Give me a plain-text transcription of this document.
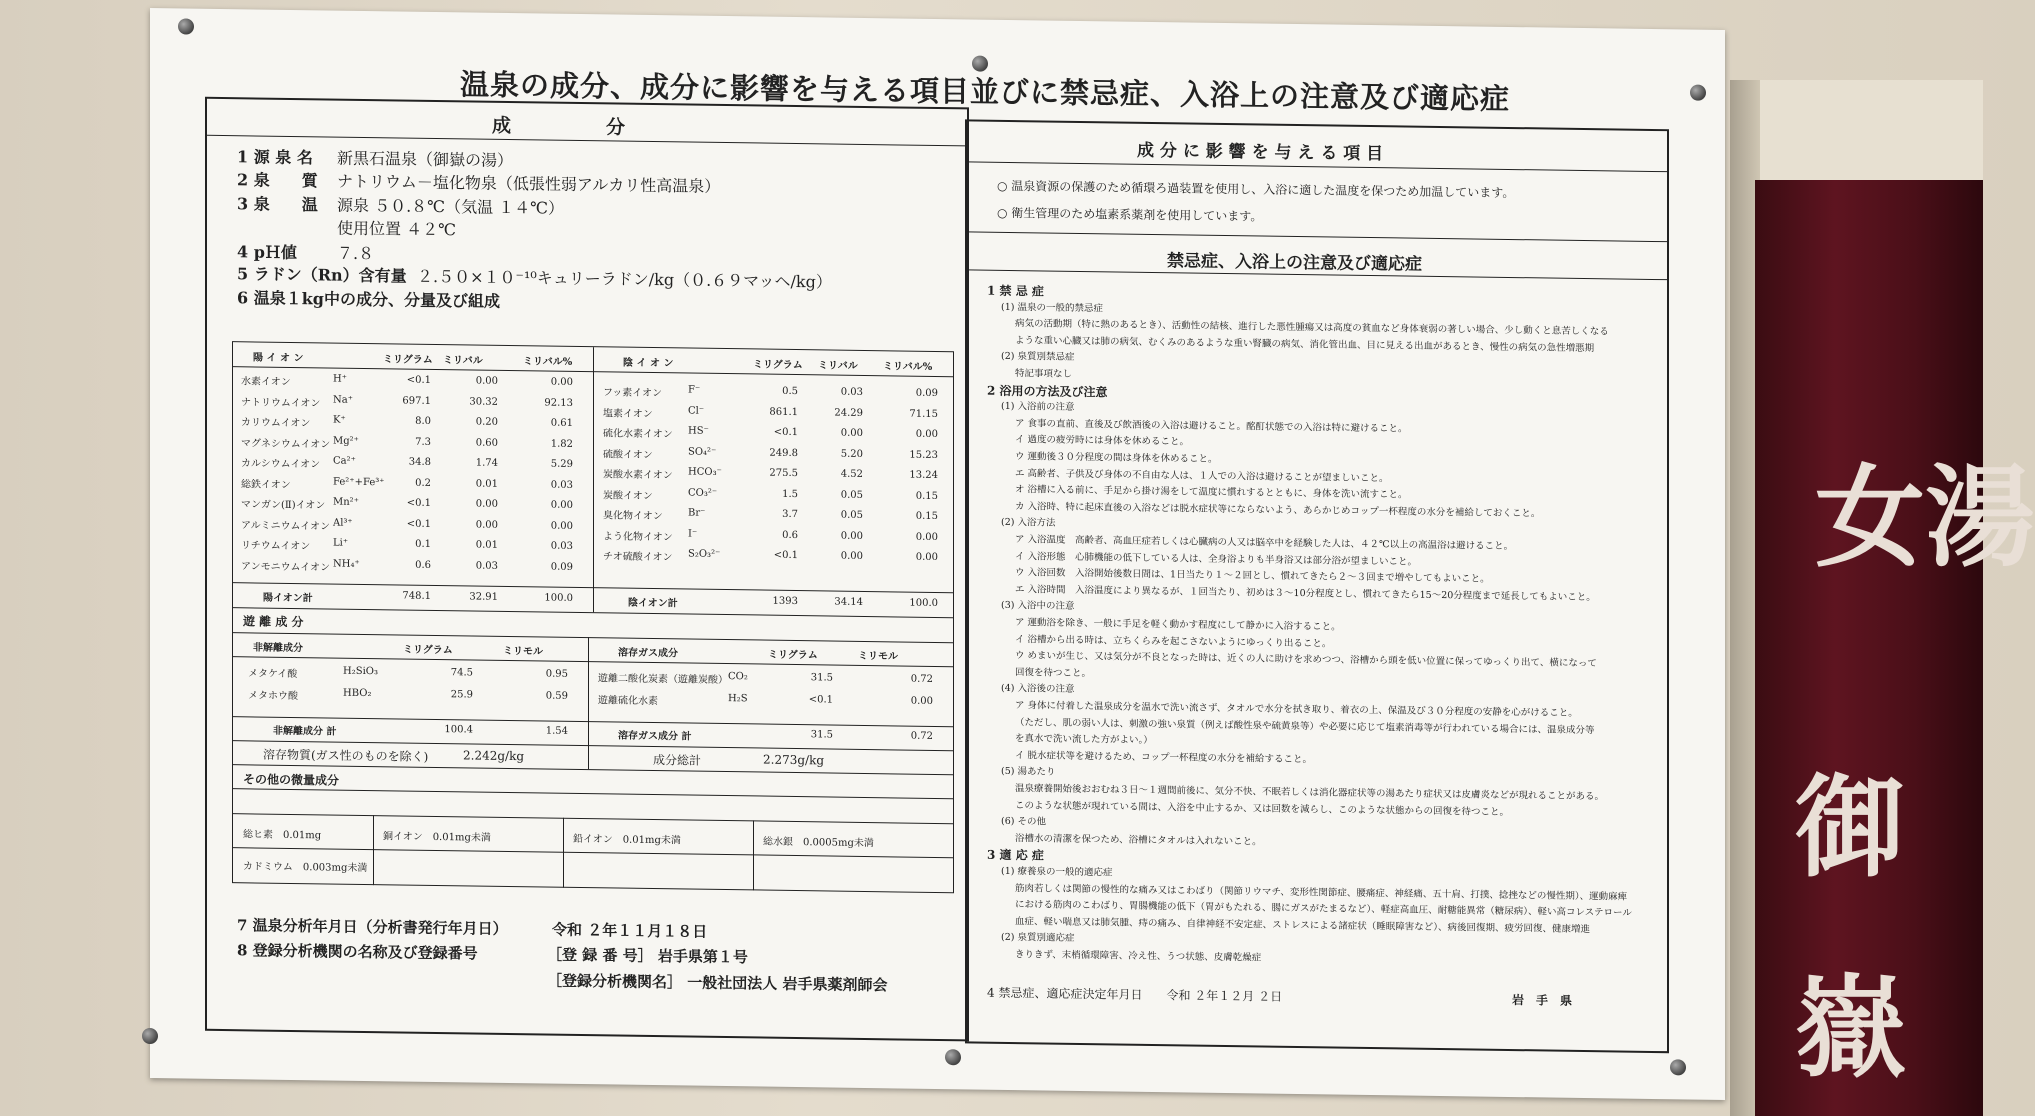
女 湯
御
嶽
温泉の成分、成分に影響を与える項目並びに禁忌症、入浴上の注意及び適応症
成　　　　　分
1 源 泉 名 新黒石温泉（御嶽の湯）
2 泉　　質 ナトリウム－塩化物泉（低張性弱アルカリ性高温泉）
3 泉　　温 源泉 ５０.８℃（気温 １４℃）
使用位置 ４２℃
4 pＨ値	７.８
5 ラドン（Rn）含有量 ２.５０×１０⁻¹⁰キュリーラドン/kg（０.６９マッヘ/kg）
6 温泉１kg中の成分、分量及び組成
陽 イ オ ン	ミリグラム ミリバル	ミリバル%
水素イオン	H⁺	<0.1	0.00	0.00
ナトリウムイオン Na⁺	697.1	30.32	92.13
カリウムイオン K⁺	8.0	0.20	0.61
マグネシウムイオン Mg²⁺	7.3	0.60	1.82
カルシウムイオン Ca²⁺	34.8	1.74	5.29
総鉄イオン	Fe²⁺+Fe³⁺	0.2	0.01	0.03
マンガン(Ⅱ)イオン Mn²⁺	<0.1	0.00	0.00
アルミニウムイオン Al³⁺	<0.1	0.00	0.00
リチウムイオン Li⁺	0.1	0.01	0.03
アンモニウムイオン NH₄⁺	0.6	0.03	0.09
陽イオン計	748.1	32.91	100.0
陰 イ オ ン	ミリグラム ミリバル	ミリバル%
フッ素イオン	F⁻	0.5	0.03	0.09
塩素イオン	Cl⁻	861.1	24.29	71.15
硫化水素イオン HS⁻	<0.1	0.00	0.00
硫酸イオン	SO₄²⁻	249.8	5.20	15.23
炭酸水素イオン HCO₃⁻	275.5	4.52	13.24
炭酸イオン	CO₃²⁻	1.5	0.05	0.15
臭化物イオン	Br⁻	3.7	0.05	0.15
よう化物イオン I⁻	0.6	0.00	0.00
チオ硫酸イオン S₂O₃²⁻	<0.1	0.00	0.00
陰イオン計	1393	34.14	100.0
遊 離 成 分
非解離成分	ミリグラム	ミリモル
メタケイ酸	H₂SiO₃	74.5	0.95
メタホウ酸	HBO₂	25.9	0.59
非解離成分 計	100.4	1.54
溶存ガス成分	ミリグラム	ミリモル
遊離二酸化炭素（遊離炭酸） CO₂	31.5	0.72
遊離硫化水素	H₂S	<0.1	0.00
溶存ガス成分 計	31.5	0.72
溶存物質(ガス性のものを除く)	2.242g/kg	成分総計	2.273g/kg
その他の微量成分
総ヒ素　0.01mg	銅イオン　0.01mg未満	鉛イオン　0.01mg未満	総水銀　0.0005mg未満
カドミウム　0.003mg未満
7 温泉分析年月日（分析書発行年月日）	令和 ２年１１月１８日
8 登録分析機関の名称及び登録番号	［登 録 番 号］ 岩手県第１号
［登録分析機関名］ 一般社団法人 岩手県薬剤師会
成 分 に 影 響 を 与 え る 項 目
○ 温泉資源の保護のため循環ろ過装置を使用し、入浴に適した温度を保つため加温しています。
○ 衛生管理のため塩素系薬剤を使用しています。
禁忌症、入浴上の注意及び適応症
1 禁 忌 症
(1) 温泉の一般的禁忌症
病気の活動期（特に熱のあるとき）、活動性の結核、進行した悪性腫瘍又は高度の貧血など身体衰弱の著しい場合、少し動くと息苦しくなる
ような重い心臓又は肺の病気、むくみのあるような重い腎臓の病気、消化管出血、目に見える出血があるとき、慢性の病気の急性増悪期
(2) 泉質別禁忌症
特記事項なし
2 浴用の方法及び注意
(1) 入浴前の注意
ア 食事の直前、直後及び飲酒後の入浴は避けること。酩酊状態での入浴は特に避けること。
イ 過度の疲労時には身体を休めること。
ウ 運動後３０分程度の間は身体を休めること。
エ 高齢者、子供及び身体の不自由な人は、１人での入浴は避けることが望ましいこと。
オ 浴槽に入る前に、手足から掛け湯をして温度に慣れするとともに、身体を洗い流すこと。
カ 入浴時、特に起床直後の入浴などは脱水症状等にならないよう、あらかじめコップ一杯程度の水分を補給しておくこと。
(2) 入浴方法
ア 入浴温度　高齢者、高血圧症若しくは心臓病の人又は脳卒中を経験した人は、４２℃以上の高温浴は避けること。
イ 入浴形態　心肺機能の低下している人は、全身浴よりも半身浴又は部分浴が望ましいこと。
ウ 入浴回数　入浴開始後数日間は、1日当たり１～２回とし、慣れてきたら２～３回まで増やしてもよいこと。
エ 入浴時間　入浴温度により異なるが、１回当たり、初めは３～10分程度とし、慣れてきたら15～20分程度まで延長してもよいこと。
(3) 入浴中の注意
ア 運動浴を除き、一般に手足を軽く動かす程度にして静かに入浴すること。
イ 浴槽から出る時は、立ちくらみを起こさないようにゆっくり出ること。
ウ めまいが生じ、又は気分が不良となった時は、近くの人に助けを求めつつ、浴槽から頭を低い位置に保ってゆっくり出て、横になって
回復を待つこと。
(4) 入浴後の注意
ア 身体に付着した温泉成分を温水で洗い流さず、タオルで水分を拭き取り、着衣の上、保温及び３０分程度の安静を心がけること。
（ただし、肌の弱い人は、刺激の強い泉質（例えば酸性泉や硫黄泉等）や必要に応じて塩素消毒等が行われている場合には、温泉成分等
を真水で洗い流した方がよい。）
イ 脱水症状等を避けるため、コップ一杯程度の水分を補給すること。
(5) 湯あたり
温泉療養開始後おおむね３日～１週間前後に、気分不快、不眠若しくは消化器症状等の湯あたり症状又は皮膚炎などが現れることがある。
このような状態が現れている間は、入浴を中止するか、又は回数を減らし、このような状態からの回復を待つこと。
(6) その他
浴槽水の清潔を保つため、浴槽にタオルは入れないこと。
3 適 応 症
(1) 療養泉の一般的適応症
筋肉若しくは関節の慢性的な痛み又はこわばり（関節リウマチ、変形性関節症、腰痛症、神経痛、五十肩、打撲、捻挫などの慢性期）、運動麻痺
における筋肉のこわばり、胃腸機能の低下（胃がもたれる、腸にガスがたまるなど）、軽症高血圧、耐糖能異常（糖尿病）、軽い高コレステロール
血症、軽い喘息又は肺気腫、痔の痛み、自律神経不安定症、ストレスによる諸症状（睡眠障害など）、病後回復期、疲労回復、健康増進
(2) 泉質別適応症
きりきず、末梢循環障害、冷え性、うつ状態、皮膚乾燥症
4 禁忌症、適応症決定年月日　　令和 ２年１２月 ２日	岩　手　県
